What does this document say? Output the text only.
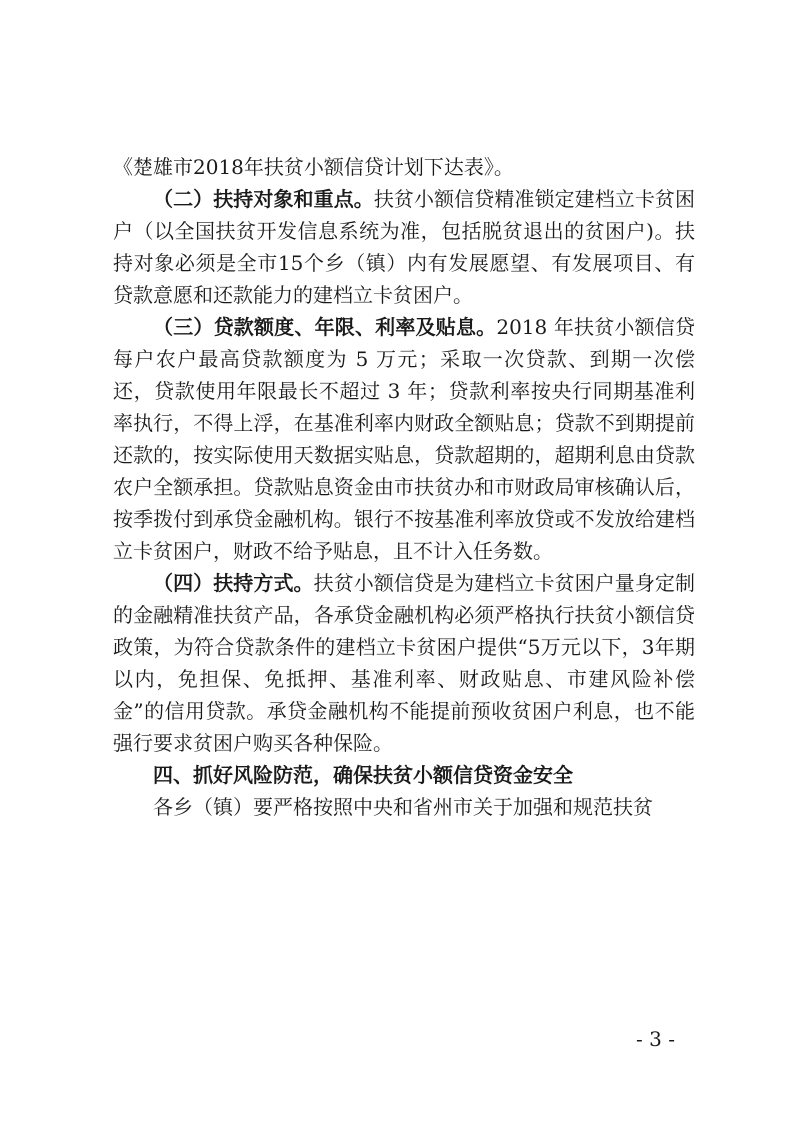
《楚雄市2018年扶贫小额信贷计划下达表》。

（二）扶持对象和重点。扶贫小额信贷精准锁定建档立卡贫困户（以全国扶贫开发信息系统为准，包括脱贫退出的贫困户)。扶持对象必须是全市15个乡（镇）内有发展愿望、有发展项目、有贷款意愿和还款能力的建档立卡贫困户。

（三）贷款额度、年限、利率及贴息。2018 年扶贫小额信贷每户农户最高贷款额度为 5 万元；采取一次贷款、到期一次偿还，贷款使用年限最长不超过 3 年；贷款利率按央行同期基准利率执行，不得上浮，在基准利率内财政全额贴息；贷款不到期提前还款的，按实际使用天数据实贴息，贷款超期的，超期利息由贷款农户全额承担。贷款贴息资金由市扶贫办和市财政局审核确认后，按季拨付到承贷金融机构。银行不按基准利率放贷或不发放给建档立卡贫困户，财政不给予贴息，且不计入任务数。

（四）扶持方式。扶贫小额信贷是为建档立卡贫困户量身定制的金融精准扶贫产品，各承贷金融机构必须严格执行扶贫小额信贷政策，为符合贷款条件的建档立卡贫困户提供“5万元以下，3年期以内，免担保、免抵押、基准利率、财政贴息、市建风险补偿金”的信用贷款。承贷金融机构不能提前预收贫困户利息，也不能强行要求贫困户购买各种保险。

四、抓好风险防范，确保扶贫小额信贷资金安全

各乡（镇）要严格按照中央和省州市关于加强和规范扶贫

- 3 -
